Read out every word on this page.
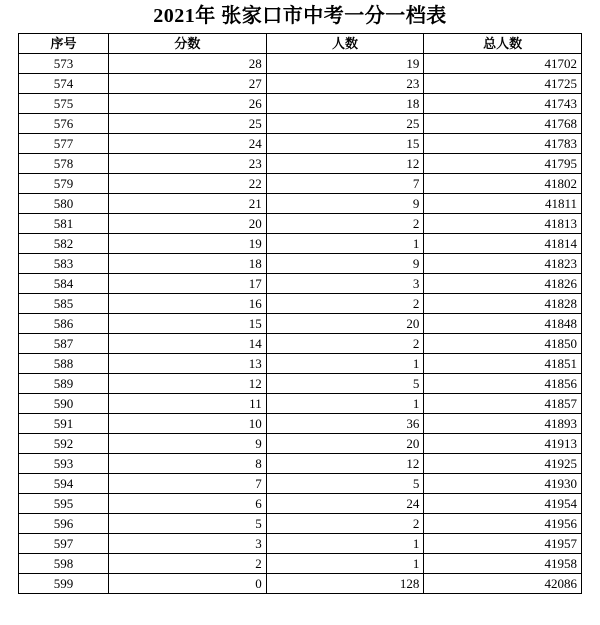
2021年 张家口市中考一分一档表
序号	分数	人数	总人数
573	28	19	41702
574	27	23	41725
575	26	18	41743
576	25	25	41768
577	24	15	41783
578	23	12	41795
579	22	7	41802
580	21	9	41811
581	20	2	41813
582	19	1	41814
583	18	9	41823
584	17	3	41826
585	16	2	41828
586	15	20	41848
587	14	2	41850
588	13	1	41851
589	12	5	41856
590	11	1	41857
591	10	36	41893
592	9	20	41913
593	8	12	41925
594	7	5	41930
595	6	24	41954
596	5	2	41956
597	3	1	41957
598	2	1	41958
599	0	128	42086
